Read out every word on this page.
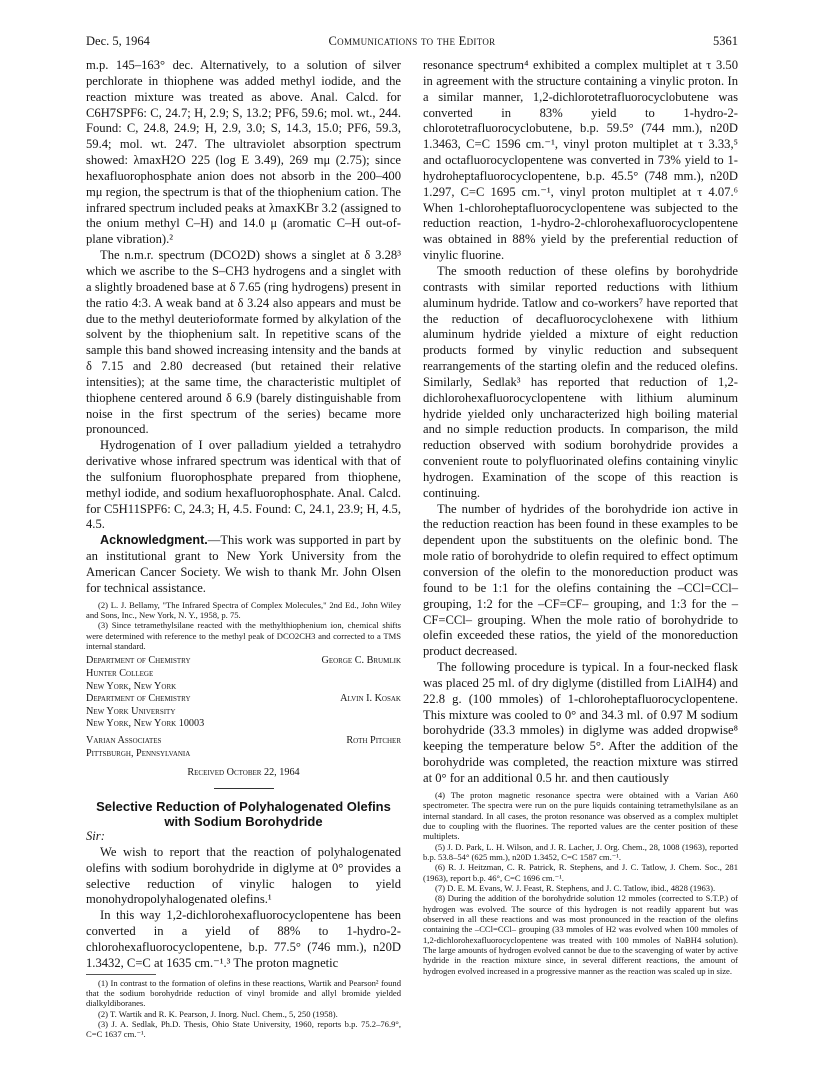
Dec. 5, 1964	Communications to the Editor	5361

m.p. 145–163° dec. Alternatively, to a solution of silver perchlorate in thiophene was added methyl iodide, and the reaction mixture was treated as above. Anal. Calcd. for C6H7SPF6: C, 24.7; H, 2.9; S, 13.2; PF6, 59.6; mol. wt., 244. Found: C, 24.8, 24.9; H, 2.9, 3.0; S, 14.3, 15.0; PF6, 59.3, 59.4; mol. wt. 247. The ultraviolet absorption spectrum showed: λmaxH2O 225 (log E 3.49), 269 mμ (2.75); since hexafluorophosphate anion does not absorb in the 200–400 mμ region, the spectrum is that of the thiophenium cation. The infrared spectrum included peaks at λmaxKBr 3.2 (assigned to the onium methyl C–H) and 14.0 μ (aromatic C–H out-of-plane vibration).²

The n.m.r. spectrum (DCO2D) shows a singlet at δ 3.28³ which we ascribe to the S–CH3 hydrogens and a singlet with a slightly broadened base at δ 7.65 (ring hydrogens) present in the ratio 4:3. A weak band at δ 3.24 also appears and must be due to the methyl deuterioformate formed by alkylation of the solvent by the thiophenium salt. In repetitive scans of the sample this band showed increasing intensity and the bands at δ 7.15 and 2.80 decreased (but retained their relative intensities); at the same time, the characteristic multiplet of thiophene centered around δ 6.9 (barely distinguishable from noise in the first spectrum of the series) became more pronounced.

Hydrogenation of I over palladium yielded a tetrahydro derivative whose infrared spectrum was identical with that of the sulfonium fluorophosphate prepared from thiophene, methyl iodide, and sodium hexafluorophosphate. Anal. Calcd. for C5H11SPF6: C, 24.3; H, 4.5. Found: C, 24.1, 23.9; H, 4.5, 4.5.

Acknowledgment.—This work was supported in part by an institutional grant to New York University from the American Cancer Society. We wish to thank Mr. John Olsen for technical assistance.

(2) L. J. Bellamy, "The Infrared Spectra of Complex Molecules," 2nd Ed., John Wiley and Sons, Inc., New York, N. Y., 1958, p. 75.

(3) Since tetramethylsilane reacted with the methylthiophenium ion, chemical shifts were determined with reference to the methyl peak of DCO2CH3 and corrected to a TMS internal standard.

Department of Chemistry	George C. Brumlik
Hunter College
New York, New York
Department of Chemistry	Alvin I. Kosak
New York University
New York, New York 10003
Varian Associates	Roth Pitcher
Pittsburgh, Pennsylvania
Received October 22, 1964

Selective Reduction of Polyhalogenated Olefins with Sodium Borohydride

Sir:

We wish to report that the reaction of polyhalogenated olefins with sodium borohydride in diglyme at 0° provides a selective reduction of vinylic halogen to yield monohydropolyhalogenated olefins.¹

In this way 1,2-dichlorohexafluorocyclopentene has been converted in a yield of 88% to 1-hydro-2-chlorohexafluorocyclopentene, b.p. 77.5° (746 mm.), n20D 1.3432, C=C at 1635 cm.⁻¹.³ The proton magnetic

(1) In contrast to the formation of olefins in these reactions, Wartik and Pearson² found that the sodium borohydride reduction of vinyl bromide and allyl bromide yielded dialkyldiboranes.

(2) T. Wartik and R. K. Pearson, J. Inorg. Nucl. Chem., 5, 250 (1958).

(3) J. A. Sedlak, Ph.D. Thesis, Ohio State University, 1960, reports b.p. 75.2–76.9°, C=C 1637 cm.⁻¹.

resonance spectrum⁴ exhibited a complex multiplet at τ 3.50 in agreement with the structure containing a vinylic proton. In a similar manner, 1,2-dichlorotetrafluorocyclobutene was converted in 83% yield to 1-hydro-2-chlorotetrafluorocyclobutene, b.p. 59.5° (744 mm.), n20D 1.3463, C=C 1596 cm.⁻¹, vinyl proton multiplet at τ 3.33,⁵ and octafluorocyclopentene was converted in 73% yield to 1-hydroheptafluorocyclopentene, b.p. 45.5° (748 mm.), n20D 1.297, C=C 1695 cm.⁻¹, vinyl proton multiplet at τ 4.07.⁶ When 1-chloroheptafluorocyclopentene was subjected to the reduction reaction, 1-hydro-2-chlorohexafluorocyclopentene was obtained in 88% yield by the preferential reduction of vinylic fluorine.

The smooth reduction of these olefins by borohydride contrasts with similar reported reductions with lithium aluminum hydride. Tatlow and co-workers⁷ have reported that the reduction of decafluorocyclohexene with lithium aluminum hydride yielded a mixture of eight reduction products formed by vinylic reduction and subsequent rearrangements of the starting olefin and the reduced olefins. Similarly, Sedlak³ has reported that reduction of 1,2-dichlorohexafluorocyclopentene with lithium aluminum hydride yielded only uncharacterized high boiling material and no simple reduction products. In comparison, the mild reduction observed with sodium borohydride provides a convenient route to polyfluorinated olefins containing vinylic hydrogen. Examination of the scope of this reaction is continuing.

The number of hydrides of the borohydride ion active in the reduction reaction has been found in these examples to be dependent upon the substituents on the olefinic bond. The mole ratio of borohydride to olefin required to effect optimum conversion of the olefin to the monoreduction product was found to be 1:1 for the olefins containing the –CCl=CCl– grouping, 1:2 for the –CF=CF– grouping, and 1:3 for the –CF=CCl– grouping. When the mole ratio of borohydride to olefin exceeded these ratios, the yield of the monoreduction product decreased.

The following procedure is typical. In a four-necked flask was placed 25 ml. of dry diglyme (distilled from LiAlH4) and 22.8 g. (100 mmoles) of 1-chloroheptafluorocyclopentene. This mixture was cooled to 0° and 34.3 ml. of 0.97 M sodium borohydride (33.3 mmoles) in diglyme was added dropwise⁸ keeping the temperature below 5°. After the addition of the borohydride was completed, the reaction mixture was stirred at 0° for an additional 0.5 hr. and then cautiously

(4) The proton magnetic resonance spectra were obtained with a Varian A60 spectrometer. The spectra were run on the pure liquids containing tetramethylsilane as an internal standard. In all cases, the proton resonance was observed as a complex multiplet due to coupling with the fluorines. The reported values are the center position of these multiplets.

(5) J. D. Park, L. H. Wilson, and J. R. Lacher, J. Org. Chem., 28, 1008 (1963), reported b.p. 53.8–54° (625 mm.), n20D 1.3452, C=C 1587 cm.⁻¹.

(6) R. J. Heitzman, C. R. Patrick, R. Stephens, and J. C. Tatlow, J. Chem. Soc., 281 (1963), report b.p. 46°, C=C 1696 cm.⁻¹.

(7) D. E. M. Evans, W. J. Feast, R. Stephens, and J. C. Tatlow, ibid., 4828 (1963).

(8) During the addition of the borohydride solution 12 mmoles (corrected to S.T.P.) of hydrogen was evolved. The source of this hydrogen is not readily apparent but was observed in all these reactions and was most pronounced in the reaction of the olefins containing the –CCl=CCl– grouping (33 mmoles of H2 was evolved when 100 mmoles of 1,2-dichlorohexafluorocyclopentene was treated with 100 mmoles of NaBH4 solution). The large amounts of hydrogen evolved cannot be due to the scavenging of water by active hydride in the reaction mixture since, in several different reactions, the amount of hydrogen evolved increased in a progressive manner as the reaction was scaled up in size.
